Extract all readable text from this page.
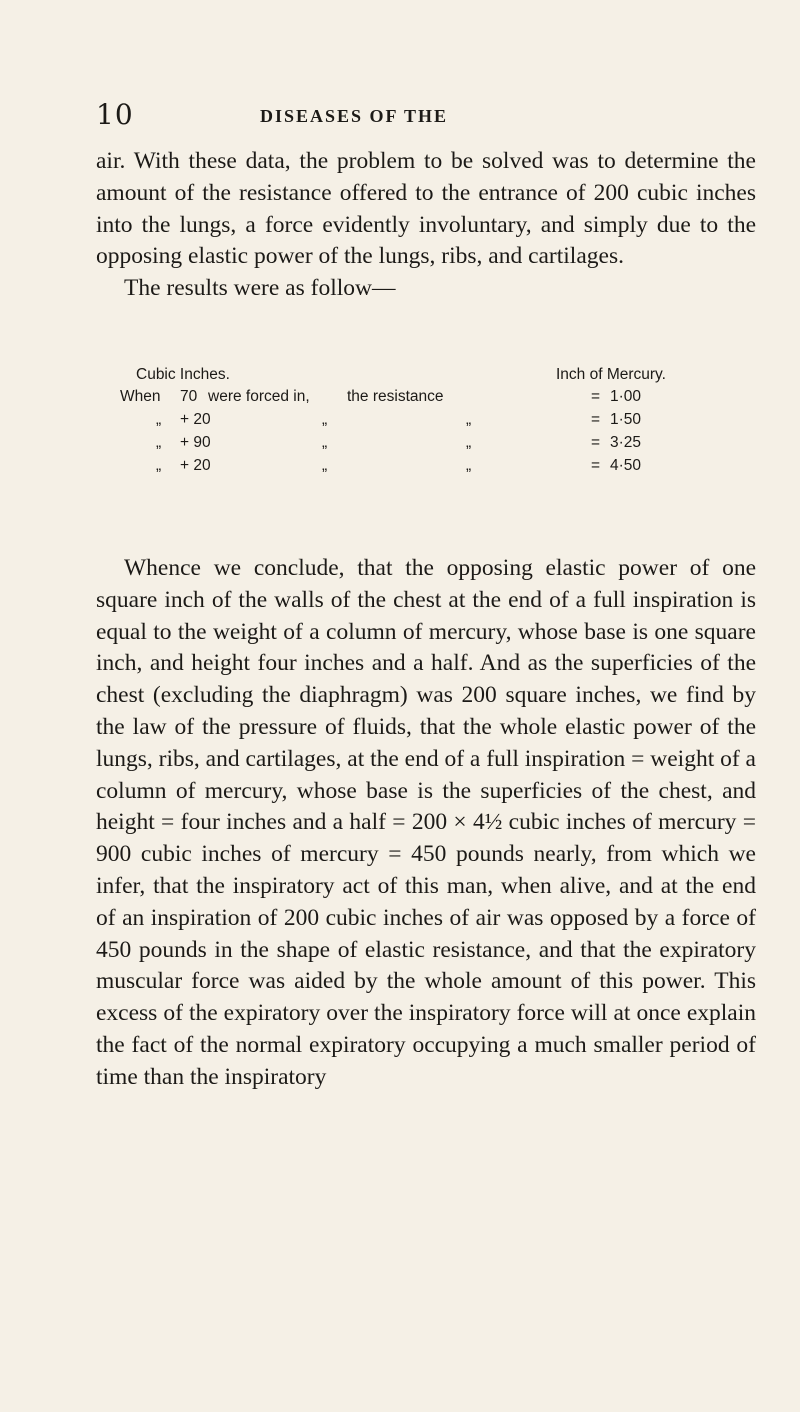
10	DISEASES OF THE

air. With these data, the problem to be solved was to determine the amount of the resistance offered to the entrance of 200 cubic inches into the lungs, a force evidently involuntary, and simply due to the opposing elastic power of the lungs, ribs, and cartilages.
The results were as follow—

Cubic Inches.	Inch of Mercury.
When 70 were forced in, the resistance	= 1·00
„ + 20	„	„	= 1·50
„ + 90	„	„	= 3·25
„ + 20	„	„	= 4·50

Whence we conclude, that the opposing elastic power of one square inch of the walls of the chest at the end of a full inspiration is equal to the weight of a column of mercury, whose base is one square inch, and height four inches and a half. And as the superficies of the chest (excluding the diaphragm) was 200 square inches, we find by the law of the pressure of fluids, that the whole elastic power of the lungs, ribs, and cartilages, at the end of a full inspiration = weight of a column of mercury, whose base is the superficies of the chest, and height = four inches and a half = 200 × 4½ cubic inches of mercury = 900 cubic inches of mercury = 450 pounds nearly, from which we infer, that the inspiratory act of this man, when alive, and at the end of an inspiration of 200 cubic inches of air was opposed by a force of 450 pounds in the shape of elastic resistance, and that the expiratory muscular force was aided by the whole amount of this power. This excess of the expiratory over the inspiratory force will at once explain the fact of the normal expiratory occupying a much smaller period of time than the inspiratory
